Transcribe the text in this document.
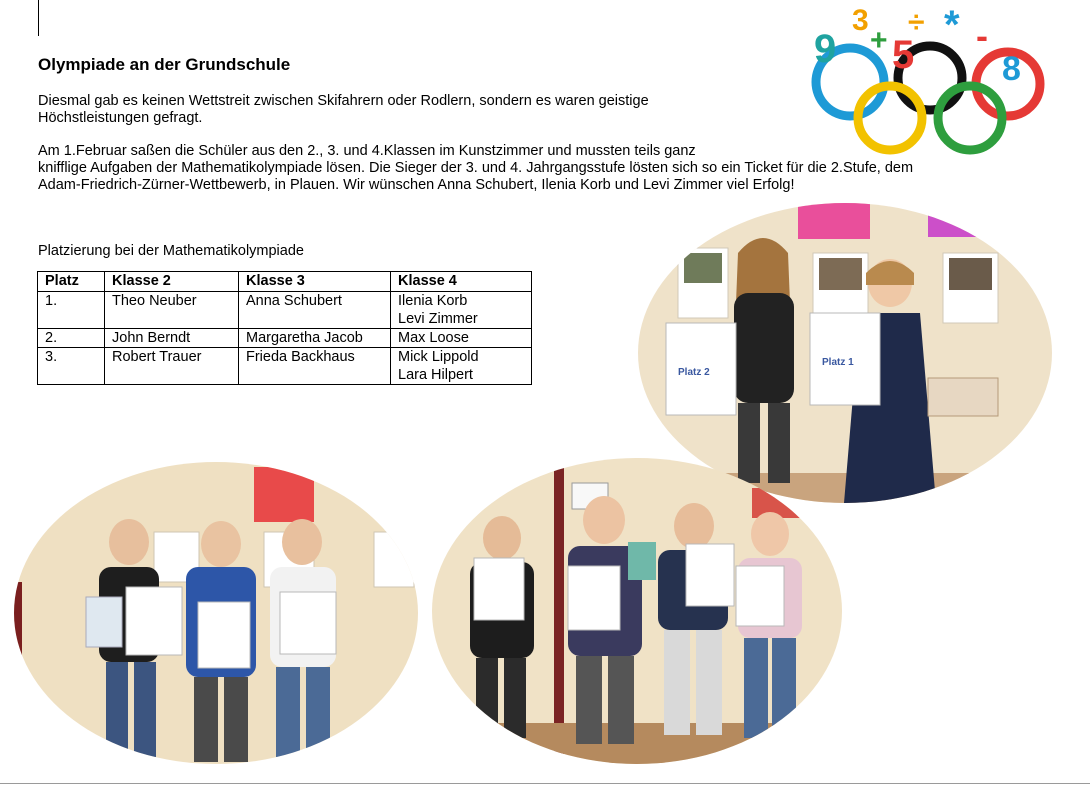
9
3
+ 5
÷ * -
8
Olympiade an der Grundschule

Diesmal gab es keinen Wettstreit zwischen Skifahrern oder Rodlern, sondern es waren geistige Höchstleistungen gefragt.

Am 1.Februar saßen die Schüler aus den 2., 3. und 4.Klassen im Kunstzimmer und mussten teils ganz
knifflige Aufgaben der Mathematikolympiade lösen. Die Sieger der 3. und 4. Jahrgangsstufe lösten sich so ein Ticket für die 2.Stufe, dem
Adam-Friedrich-Zürner-Wettbewerb, in Plauen. Wir wünschen Anna Schubert, Ilenia Korb und Levi Zimmer viel Erfolg!

Platzierung bei der Mathematikolympiade

Platz	Klasse 2	Klasse 3	Klasse 4
1.	Theo Neuber	Anna Schubert	Ilenia Korb
Levi Zimmer

2.	John Berndt	Margaretha Jacob	Max Loose

3.	Robert Trauer	Frieda Backhaus	Mick Lippold
Lara Hilpert	Platz 2
Platz 1
